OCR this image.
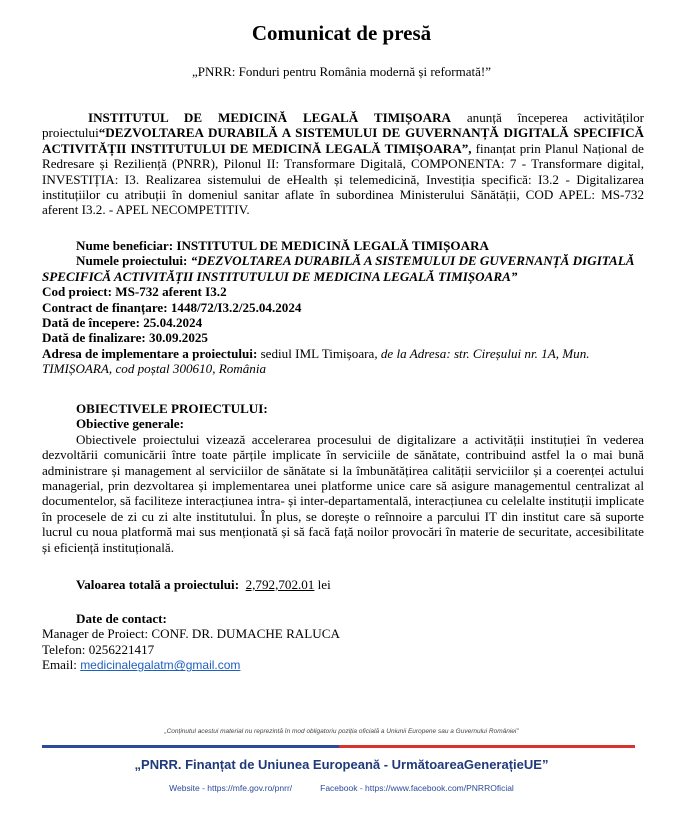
Comunicat de presă
„PNRR: Fonduri pentru România modernă și reformată!”
INSTITUTUL DE MEDICINĂ LEGALĂ TIMIȘOARA anunță începerea activităților proiectului“DEZVOLTAREA DURABILĂ A SISTEMULUI DE GUVERNANȚĂ DIGITALĂ SPECIFICĂ ACTIVITĂȚII INSTITUTULUI DE MEDICINĂ LEGALĂ TIMIȘOARA”, finanțat prin Planul Național de Redresare și Reziliență (PNRR), Pilonul II: Transformare Digitală, COMPONENTA: 7 - Transformare digital, INVESTIȚIA: I3. Realizarea sistemului de eHealth și telemedicină, Investiția specifică: I3.2 - Digitalizarea instituțiilor cu atribuții în domeniul sanitar aflate în subordinea Ministerului Sănătății, COD APEL: MS-732 aferent I3.2. - APEL NECOMPETITIV.
Nume beneficiar: INSTITUTUL DE MEDICINĂ LEGALĂ TIMIȘOARA
Numele proiectului: “DEZVOLTAREA DURABILĂ A SISTEMULUI DE GUVERNANȚĂ DIGITALĂ SPECIFICĂ ACTIVITĂȚII INSTITUTULUI DE MEDICINA LEGALĂ TIMIȘOARA”
Cod proiect: MS-732 aferent I3.2
Contract de finanțare: 1448/72/I3.2/25.04.2024
Dată de începere: 25.04.2024
Dată de finalizare: 30.09.2025
Adresa de implementare a proiectului: sediul IML Timișoara, de la Adresa: str. Cireșului nr. 1A, Mun. TIMIȘOARA, cod poștal 300610, România
OBIECTIVELE PROIECTULUI:
Obiective generale:
Obiectivele proiectului vizează accelerarea procesului de digitalizare a activității instituției în vederea dezvoltării comunicării între toate părțile implicate în serviciile de sănătate, contribuind astfel la o mai bună administrare și management al serviciilor de sănătate si la îmbunătățirea calității serviciilor și a coerenței actului managerial, prin dezvoltarea și implementarea unei platforme unice care să asigure managementul centralizat al documentelor, să faciliteze interacțiunea intra- și inter-departamentală, interacțiunea cu celelalte instituții implicate în procesele de zi cu zi alte institutului. În plus, se dorește o reînnoire a parcului IT din institut care să suporte lucrul cu noua platformă mai sus menționată și să facă față noilor provocări în materie de securitate, accesibilitate și eficiență instituțională.
Valoarea totală a proiectului: 2,792,702.01 lei
Date de contact:
Manager de Proiect: CONF. DR. DUMACHE RALUCA
Telefon: 0256221417
Email: medicinalegalatm@gmail.com
„Conținutul acestui material nu reprezintă în mod obligatoriu poziția oficială a Uniunii Europene sau a Guvernului României”
„PNRR. Finanțat de Uniunea Europeană - UrmătoareaGenerațieUE”
Website - https://mfe.gov.ro/pnrr/	Facebook - https://www.facebook.com/PNRROficial
